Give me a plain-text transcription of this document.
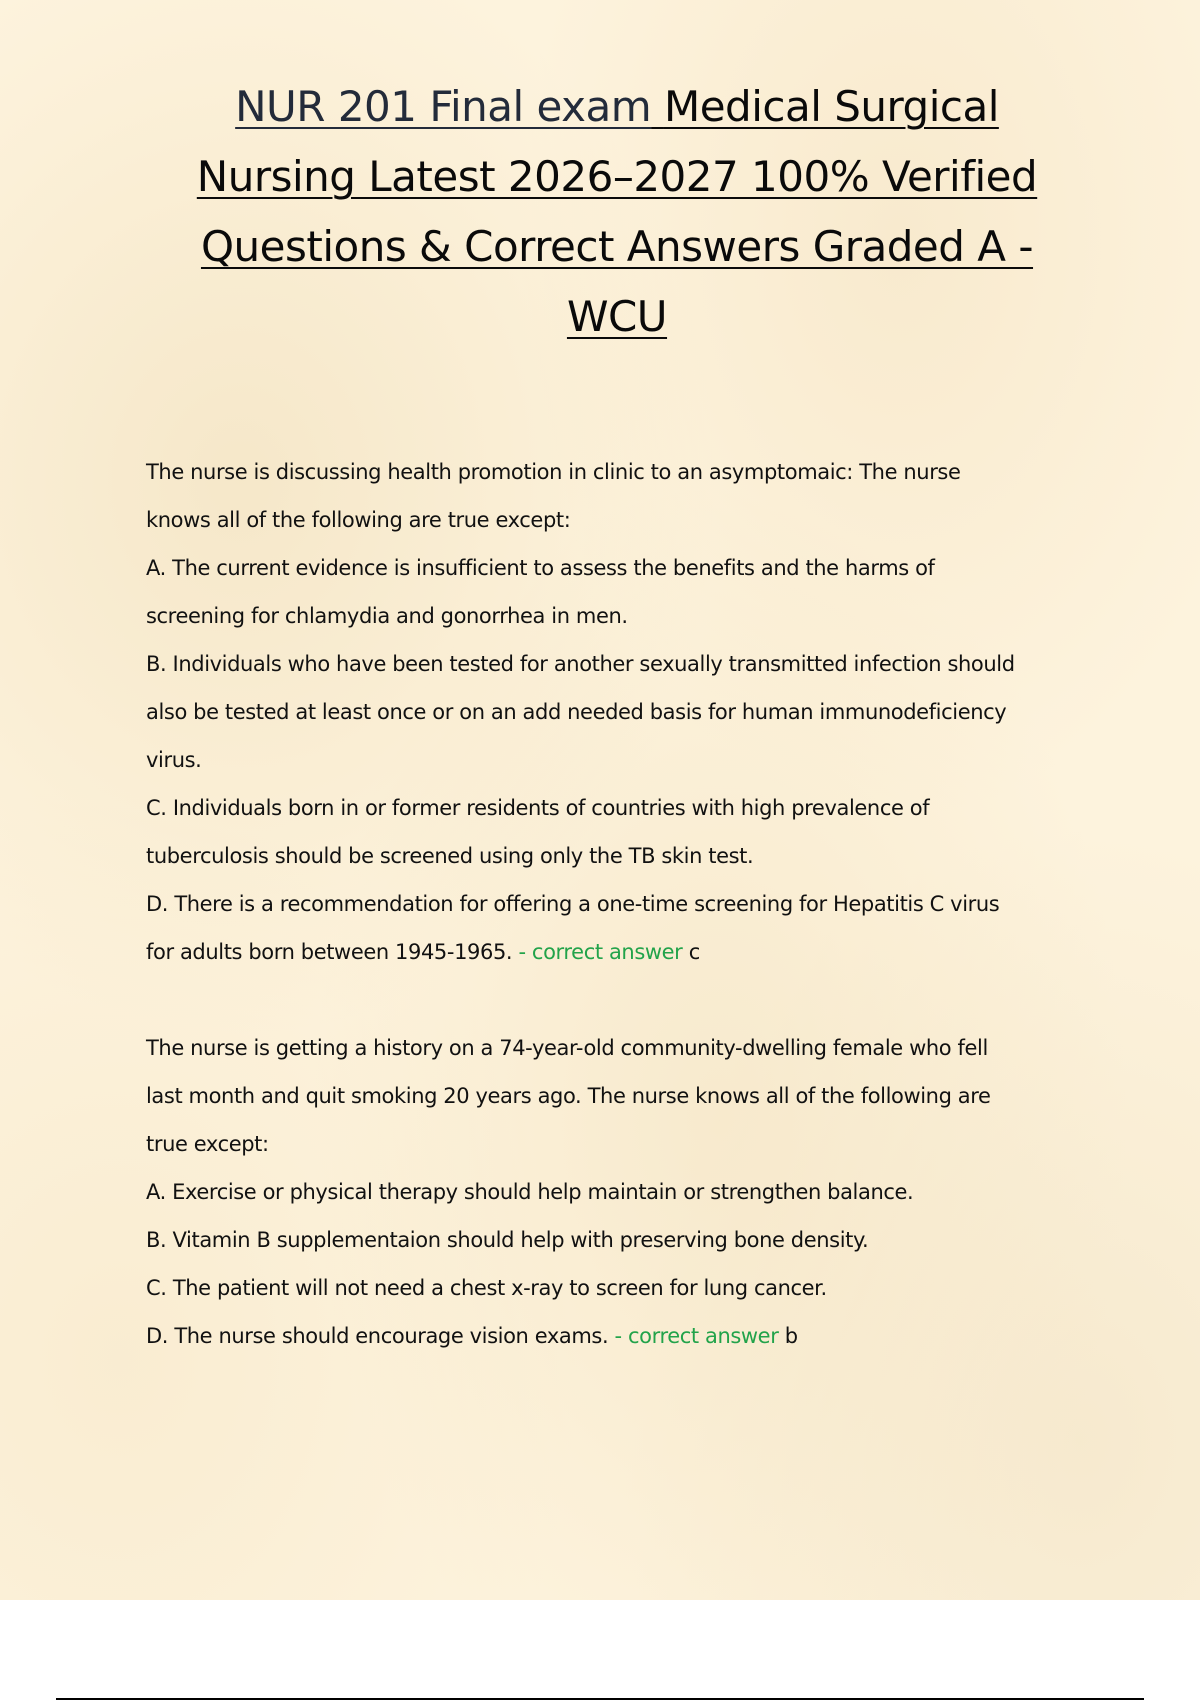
NUR 201 Final exam Medical Surgical
Nursing Latest 2026–2027 100% Verified
Questions & Correct Answers Graded A -
WCU
The nurse is discussing health promotion in clinic to an asymptomaic: The nurse
knows all of the following are true except:
A. The current evidence is insufficient to assess the benefits and the harms of
screening for chlamydia and gonorrhea in men.
B. Individuals who have been tested for another sexually transmitted infection should
also be tested at least once or on an add needed basis for human immunodeficiency
virus.
C. Individuals born in or former residents of countries with high prevalence of
tuberculosis should be screened using only the TB skin test.
D. There is a recommendation for offering a one-time screening for Hepatitis C virus
for adults born between 1945-1965. - correct answer c
The nurse is getting a history on a 74-year-old community-dwelling female who fell
last month and quit smoking 20 years ago. The nurse knows all of the following are
true except:
A. Exercise or physical therapy should help maintain or strengthen balance.
B. Vitamin B supplementaion should help with preserving bone density.
C. The patient will not need a chest x-ray to screen for lung cancer.
D. The nurse should encourage vision exams. - correct answer b
